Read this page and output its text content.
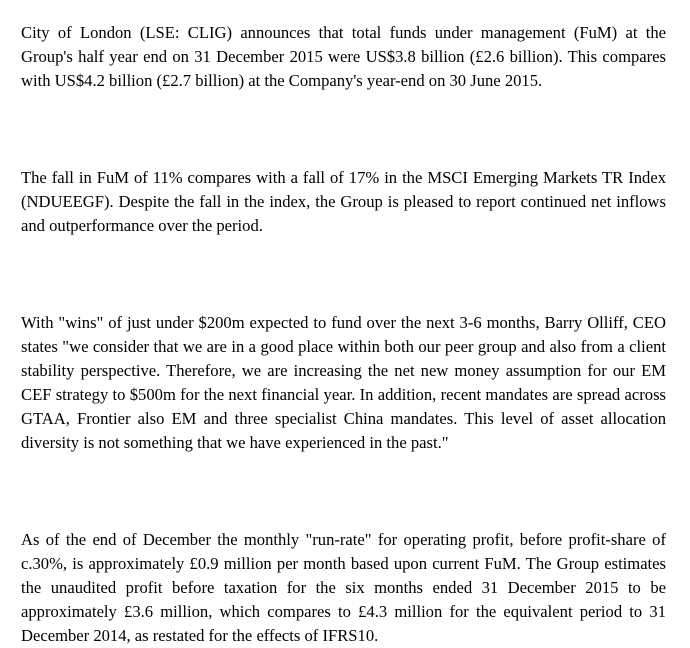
City of London (LSE: CLIG) announces that total funds under management (FuM) at the Group's half year end on 31 December 2015 were US$3.8 billion (£2.6 billion). This compares with US$4.2 billion (£2.7 billion) at the Company's year-end on 30 June 2015.

The fall in FuM of 11% compares with a fall of 17% in the MSCI Emerging Markets TR Index (NDUEEGF). Despite the fall in the index, the Group is pleased to report continued net inflows and outperformance over the period.

With "wins" of just under $200m expected to fund over the next 3-6 months, Barry Olliff, CEO states "we consider that we are in a good place within both our peer group and also from a client stability perspective. Therefore, we are increasing the net new money assumption for our EM CEF strategy to $500m for the next financial year. In addition, recent mandates are spread across GTAA, Frontier also EM and three specialist China mandates. This level of asset allocation diversity is not something that we have experienced in the past."

As of the end of December the monthly "run-rate" for operating profit, before profit-share of c.30%, is approximately £0.9 million per month based upon current FuM. The Group estimates the unaudited profit before taxation for the six months ended 31 December 2015 to be approximately £3.6 million, which compares to £4.3 million for the equivalent period to 31 December 2014, as restated for the effects of IFRS10.
